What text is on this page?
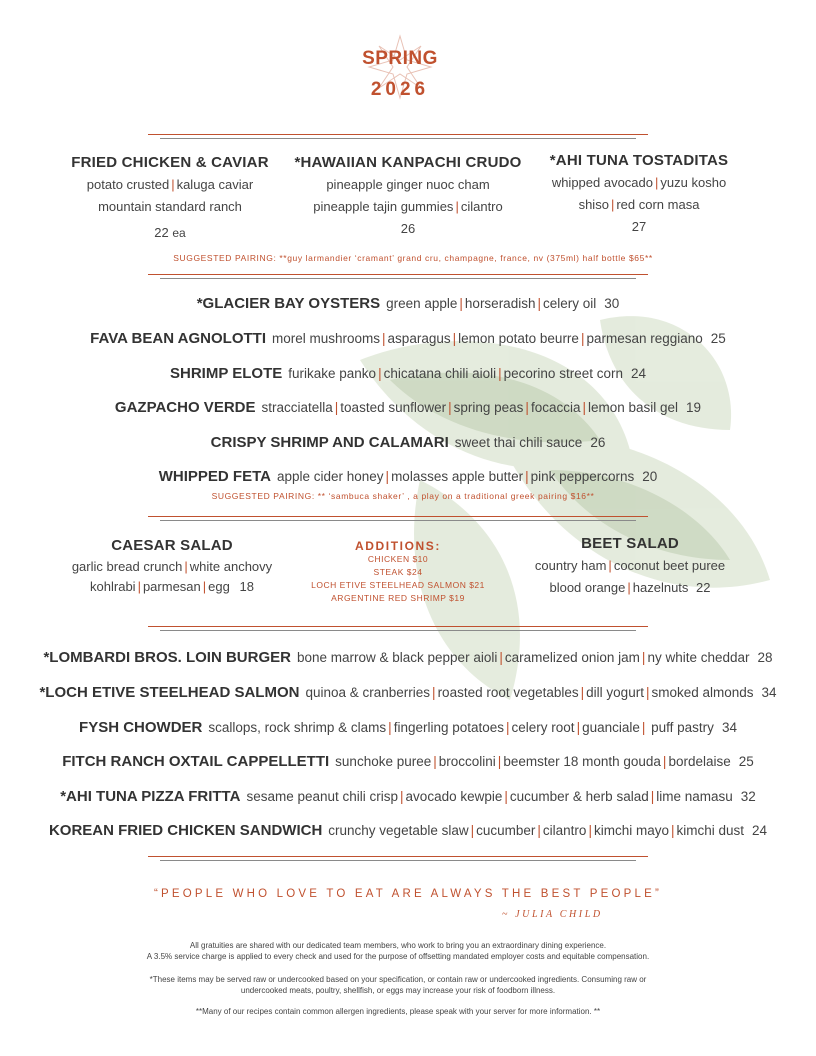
SPRING
2026
FRIED CHICKEN & CAVIAR
potato crusted | kaluga caviar
mountain standard ranch
22 ea
*HAWAIIAN KANPACHI CRUDO
pineapple ginger nuoc cham
pineapple tajin gummies | cilantro
26
*AHI TUNA TOSTADITAS
whipped avocado | yuzu kosho
shiso | red corn masa
27
SUGGESTED PAIRING: **guy larmandier ‘cramant’ grand cru, champagne, france, nv (375ml) half bottle $65**
*GLACIER BAY OYSTERS green apple | horseradish | celery oil 30
FAVA BEAN AGNOLOTTI morel mushrooms | asparagus | lemon potato beurre | parmesan reggiano 25
SHRIMP ELOTE furikake panko | chicatana chili aioli | pecorino street corn 24
GAZPACHO VERDE stracciatella | toasted sunflower | spring peas | focaccia | lemon basil gel 19
CRISPY SHRIMP AND CALAMARI sweet thai chili sauce 26
WHIPPED FETA apple cider honey | molasses apple butter | pink peppercorns 20
SUGGESTED PAIRING: ** ‘sambuca shaker’ , a play on a traditional greek pairing $16**
CAESAR SALAD
garlic bread crunch | white anchovy
kohlrabi | parmesan | egg 18
ADDITIONS:
CHICKEN $10
STEAK $24
LOCH ETIVE STEELHEAD SALMON $21
ARGENTINE RED SHRIMP $19
BEET SALAD
country ham | coconut beet puree
blood orange | hazelnuts 22
*LOMBARDI BROS. LOIN BURGER bone marrow & black pepper aioli | caramelized onion jam | ny white cheddar 28
*LOCH ETIVE STEELHEAD SALMON quinoa & cranberries | roasted root vegetables | dill yogurt | smoked almonds 34
FYSH CHOWDER scallops, rock shrimp & clams | fingerling potatoes | celery root | guanciale | puff pastry 34
FITCH RANCH OXTAIL CAPPELLETTI sunchoke puree | broccolini | beemster 18 month gouda | bordelaise 25
*AHI TUNA PIZZA FRITTA sesame peanut chili crisp | avocado kewpie | cucumber & herb salad | lime namasu 32
KOREAN FRIED CHICKEN SANDWICH crunchy vegetable slaw | cucumber | cilantro | kimchi mayo | kimchi dust 24
“PEOPLE WHO LOVE TO EAT ARE ALWAYS THE BEST PEOPLE”
~ JULIA CHILD
All gratuities are shared with our dedicated team members, who work to bring you an extraordinary dining experience.
A 3.5% service charge is applied to every check and used for the purpose of offsetting mandated employer costs and equitable compensation.
*These items may be served raw or undercooked based on your specification, or contain raw or undercooked ingredients. Consuming raw or
undercooked meats, poultry, shellfish, or eggs may increase your risk of foodborn illness.
**Many of our recipes contain common allergen ingredients, please speak with your server for more information. **
